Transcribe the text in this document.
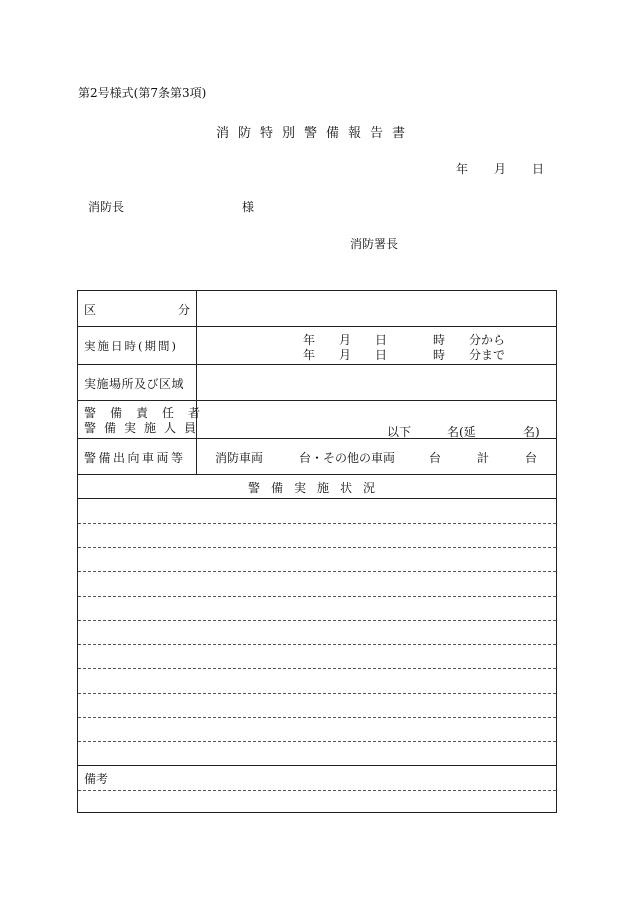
第2号様式(第7条第3項)
消防特別警備報告書
年 月 日
消防長	様
消防署長
区	分
実施日時(期間)	年 月 日	時 分から
年 月 日	時 分まで
実施場所及び区域
警備責任者
警備実施人員	以下	名(延	名)
警備出向車両等 消防車両	台・その他の車両	台	計	台
警備実施状況
備考
